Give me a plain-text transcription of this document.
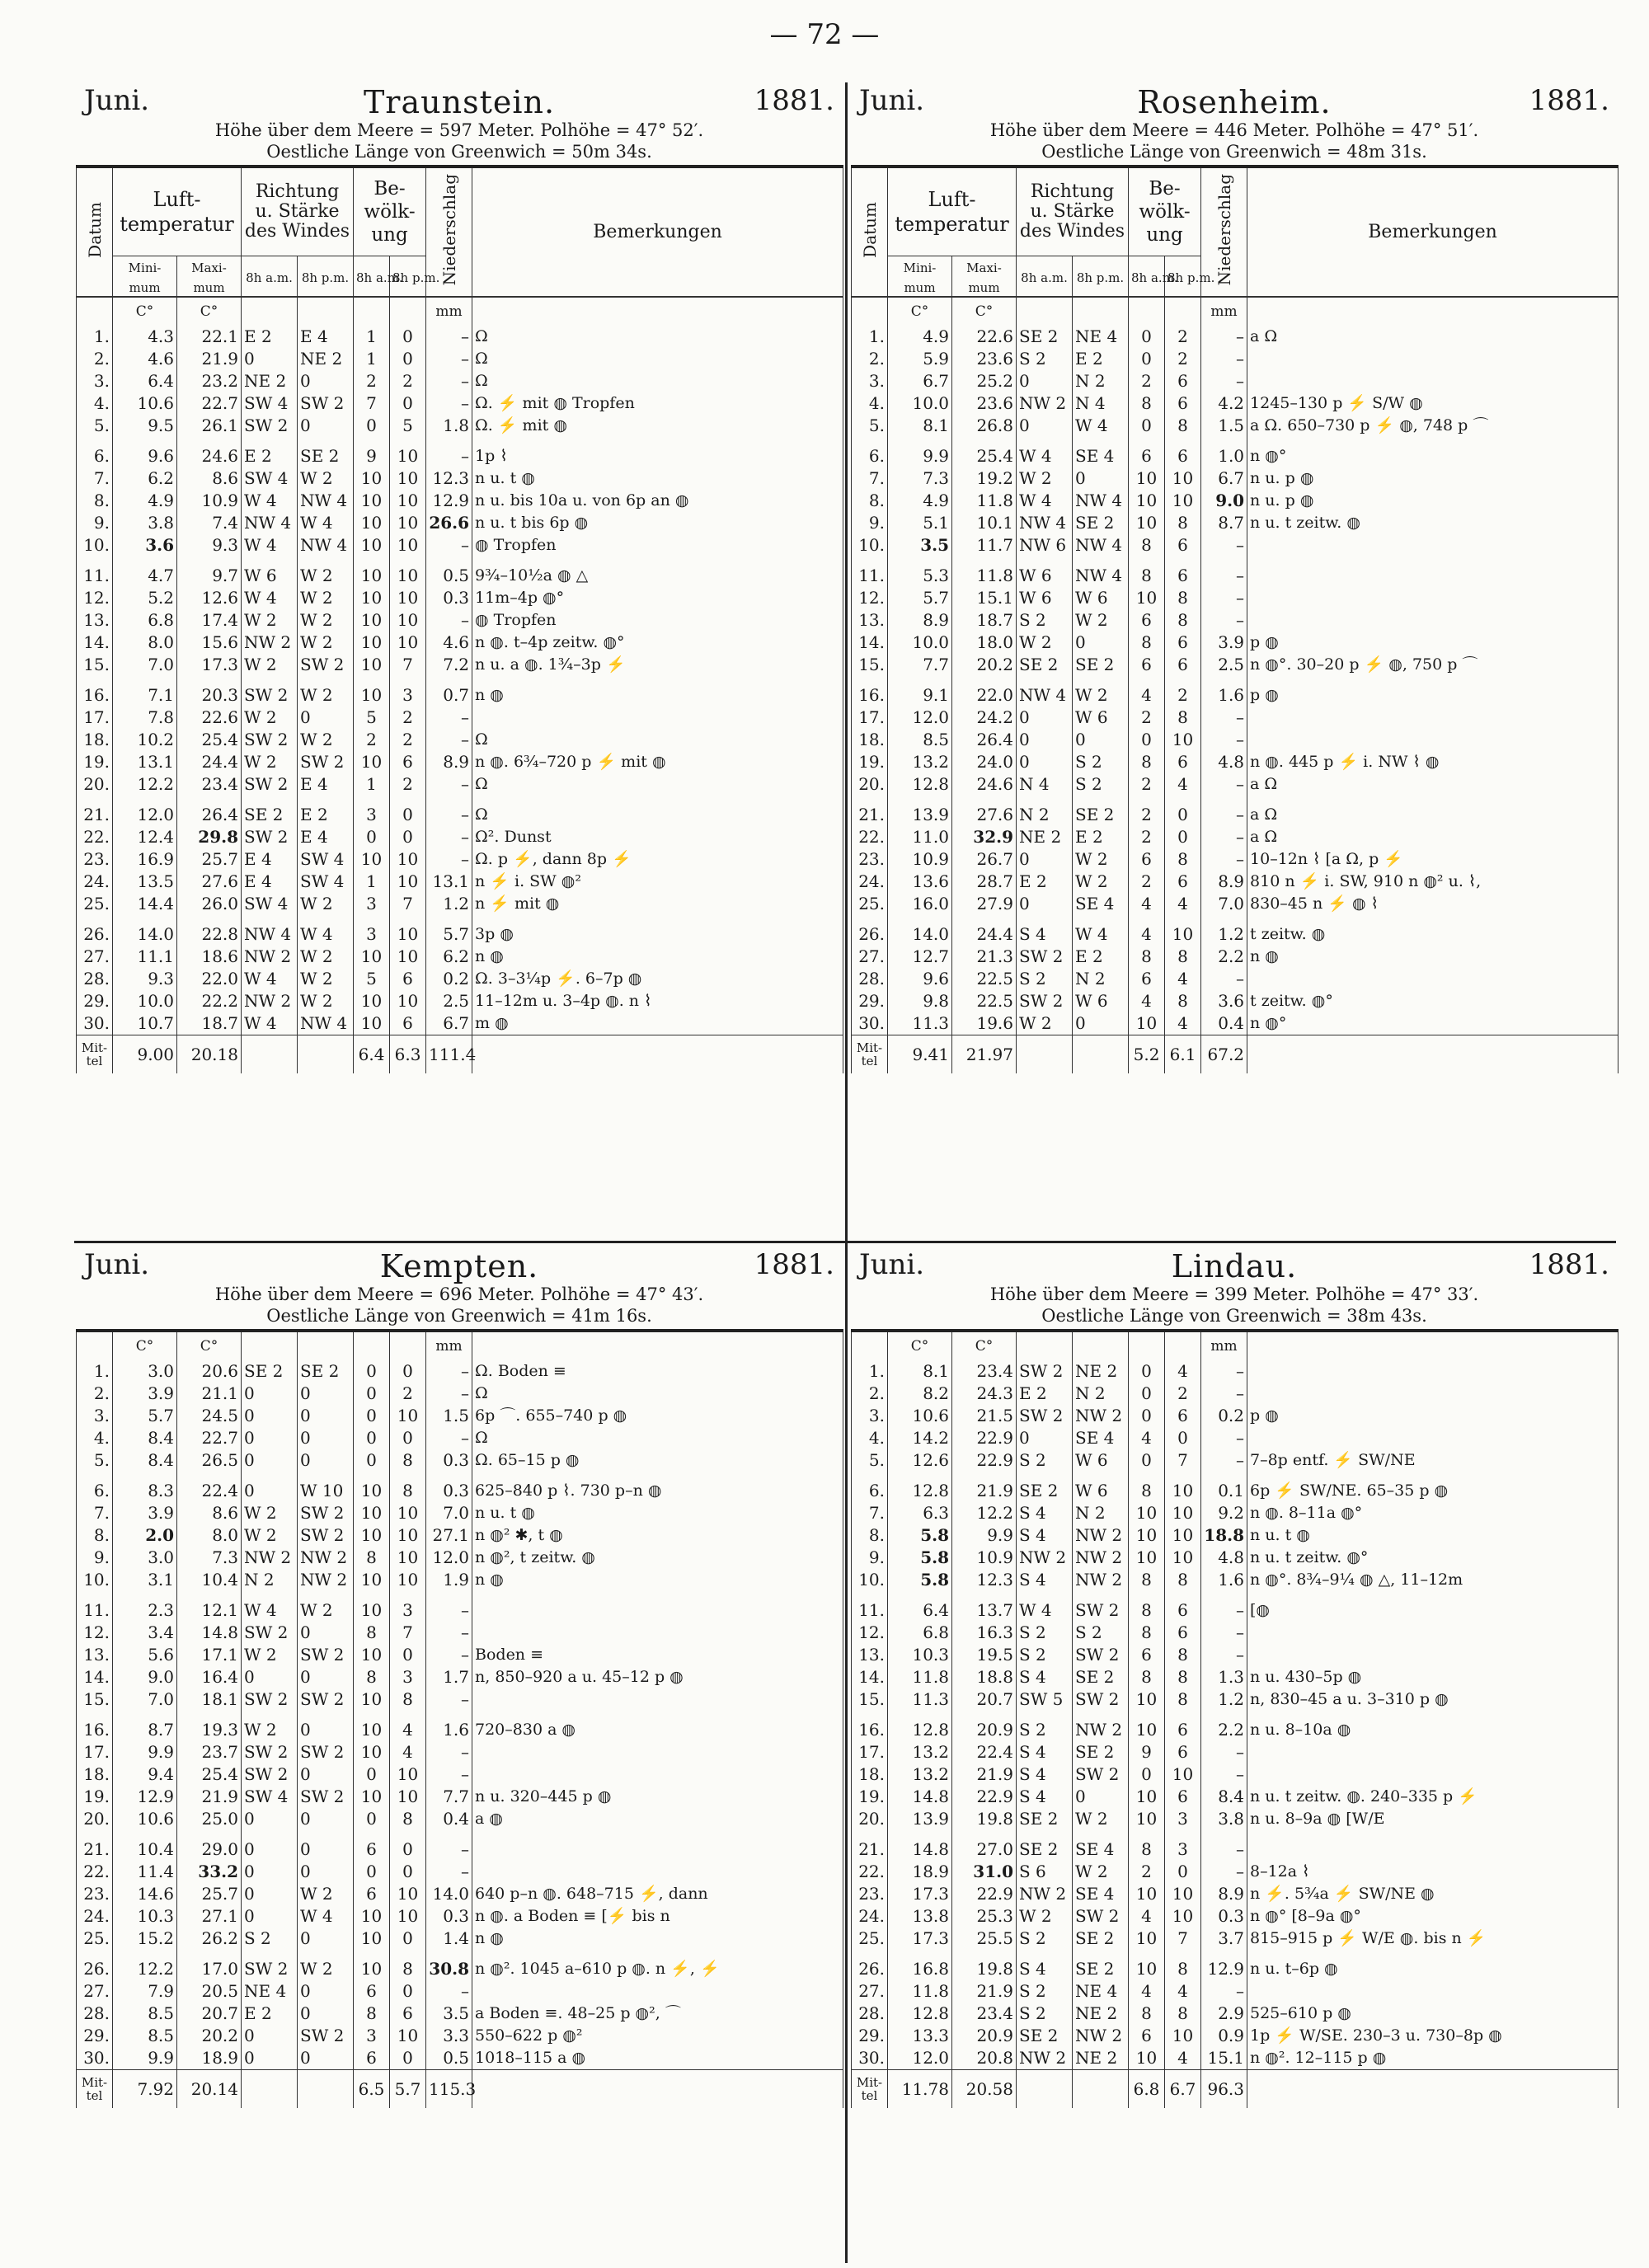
— 72 —
Juni.	Traunstein.	1881.
Höhe über dem Meere = 597 Meter. Polhöhe = 47° 52′.
Oestliche Länge von Greenwich = 50m 34s.
Datum	Luft-temperatur		Richtung u. Stärke des Windes		Be-wölk-ung		Niederschlag	Bemerkungen
	Mini-mum	Maxi-mum	8h a.m.	8h p.m.	8h a.m.	8h p.m.		
	C°	C°					mm	
1.	4.3	22.1	E 2	E 4	1	0	–	Ω
2.	4.6	21.9	0	NE 2	1	0	–	Ω
3.	6.4	23.2	NE 2	0	2	2	–	Ω
4.	10.6	22.7	SW 4	SW 2	7	0	–	Ω. ⚡ mit ◍ Tropfen
5.	9.5	26.1	SW 2	0	0	5	1.8	Ω. ⚡ mit ◍

6.	9.6	24.6	E 2	SE 2	9	10	–	1p ⌇
7.	6.2	8.6	SW 4	W 2	10	10	12.3	n u. t ◍
8.	4.9	10.9	W 4	NW 4	10	10	12.9	n u. bis 10a u. von 6p an ◍
9.	3.8	7.4	NW 4	W 4	10	10	26.6	n u. t bis 6p ◍
10.	3.6	9.3	W 4	NW 4	10	10	–	◍ Tropfen

11.	4.7	9.7	W 6	W 2	10	10	0.5	9¾–10½a ◍ △
12.	5.2	12.6	W 4	W 2	10	10	0.3	11m–4p ◍°
13.	6.8	17.4	W 2	W 2	10	10	–	◍ Tropfen
14.	8.0	15.6	NW 2	W 2	10	10	4.6	n ◍. t–4p zeitw. ◍°
15.	7.0	17.3	W 2	SW 2	10	7	7.2	n u. a ◍. 1¾–3p ⚡

16.	7.1	20.3	SW 2	W 2	10	3	0.7	n ◍
17.	7.8	22.6	W 2	0	5	2	–	
18.	10.2	25.4	SW 2	W 2	2	2	–	Ω
19.	13.1	24.4	W 2	SW 2	10	6	8.9	n ◍. 6¾–720 p ⚡ mit ◍
20.	12.2	23.4	SW 2	E 4	1	2	–	Ω

21.	12.0	26.4	SE 2	E 2	3	0	–	Ω
22.	12.4	29.8	SW 2	E 4	0	0	–	Ω². Dunst
23.	16.9	25.7	E 4	SW 4	10	10	–	Ω. p ⚡, dann 8p ⚡
24.	13.5	27.6	E 4	SW 4	1	10	13.1	n ⚡ i. SW ◍²
25.	14.4	26.0	SW 4	W 2	3	7	1.2	n ⚡ mit ◍

26.	14.0	22.8	NW 4	W 4	3	10	5.7	3p ◍
27.	11.1	18.6	NW 2	W 2	10	10	6.2	n ◍
28.	9.3	22.0	W 4	W 2	5	6	0.2	Ω. 3–3¼p ⚡. 6–7p ◍
29.	10.0	22.2	NW 2	W 2	10	10	2.5	11–12m u. 3–4p ◍. n ⌇
30.	10.7	18.7	W 4	NW 4	10	6	6.7	m ◍
Mit-tel	9.00	20.18			6.4	6.3	111.4	
Juni.	Rosenheim.	1881.
Höhe über dem Meere = 446 Meter. Polhöhe = 47° 51′.
Oestliche Länge von Greenwich = 48m 31s.
Datum	Luft-temperatur		Richtung u. Stärke des Windes		Be-wölk-ung		Niederschlag	Bemerkungen
	Mini-mum	Maxi-mum	8h a.m.	8h p.m.	8h a.m.	8h p.m.		
	C°	C°					mm	
1.	4.9	22.6	SE 2	NE 4	0	2	–	a Ω
2.	5.9	23.6	S 2	E 2	0	2	–	
3.	6.7	25.2	0	N 2	2	6	–	
4.	10.0	23.6	NW 2	N 4	8	6	4.2	1245–130 p ⚡ S/W ◍
5.	8.1	26.8	0	W 4	0	8	1.5	a Ω. 650–730 p ⚡ ◍, 748 p ⌒

6.	9.9	25.4	W 4	SE 4	6	6	1.0	n ◍°
7.	7.3	19.2	W 2	0	10	10	6.7	n u. p ◍
8.	4.9	11.8	W 4	NW 4	10	10	9.0	n u. p ◍
9.	5.1	10.1	NW 4	SE 2	10	8	8.7	n u. t zeitw. ◍
10.	3.5	11.7	NW 6	NW 4	8	6	–	

11.	5.3	11.8	W 6	NW 4	8	6	–	
12.	5.7	15.1	W 6	W 6	10	8	–	
13.	8.9	18.7	S 2	W 2	6	8	–	
14.	10.0	18.0	W 2	0	8	6	3.9	p ◍
15.	7.7	20.2	SE 2	SE 2	6	6	2.5	n ◍°. 30–20 p ⚡ ◍, 750 p ⌒

16.	9.1	22.0	NW 4	W 2	4	2	1.6	p ◍
17.	12.0	24.2	0	W 6	2	8	–	
18.	8.5	26.4	0	0	0	10	–	
19.	13.2	24.0	0	S 2	8	6	4.8	n ◍. 445 p ⚡ i. NW ⌇ ◍
20.	12.8	24.6	N 4	S 2	2	4	–	a Ω

21.	13.9	27.6	N 2	SE 2	2	0	–	a Ω
22.	11.0	32.9	NE 2	E 2	2	0	–	a Ω
23.	10.9	26.7	0	W 2	6	8	–	10–12n ⌇ [a Ω, p ⚡
24.	13.6	28.7	E 2	W 2	2	6	8.9	810 n ⚡ i. SW, 910 n ◍² u. ⌇,
25.	16.0	27.9	0	SE 4	4	4	7.0	830–45 n ⚡ ◍ ⌇

26.	14.0	24.4	S 4	W 4	4	10	1.2	t zeitw. ◍
27.	12.7	21.3	SW 2	E 2	8	8	2.2	n ◍
28.	9.6	22.5	S 2	N 2	6	4	–	
29.	9.8	22.5	SW 2	W 6	4	8	3.6	t zeitw. ◍°
30.	11.3	19.6	W 2	0	10	4	0.4	n ◍°
Mit-tel	9.41	21.97			5.2	6.1	67.2	
Juni.	Kempten.	1881.
Höhe über dem Meere = 696 Meter. Polhöhe = 47° 43′.
Oestliche Länge von Greenwich = 41m 16s.
	C°	C°					mm	
1.	3.0	20.6	SE 2	SE 2	0	0	–	Ω. Boden ≡
2.	3.9	21.1	0	0	0	2	–	Ω
3.	5.7	24.5	0	0	0	10	1.5	6p ⌒. 655–740 p ◍
4.	8.4	22.7	0	0	0	0	–	Ω
5.	8.4	26.5	0	0	0	8	0.3	Ω. 65–15 p ◍

6.	8.3	22.4	0	W 10	10	8	0.3	625–840 p ⌇. 730 p–n ◍
7.	3.9	8.6	W 2	SW 2	10	10	7.0	n u. t ◍
8.	2.0	8.0	W 2	SW 2	10	10	27.1	n ◍² ✱, t ◍
9.	3.0	7.3	NW 2	NW 2	8	10	12.0	n ◍², t zeitw. ◍
10.	3.1	10.4	N 2	NW 2	10	10	1.9	n ◍

11.	2.3	12.1	W 4	W 2	10	3	–	
12.	3.4	14.8	SW 2	0	8	7	–	
13.	5.6	17.1	W 2	SW 2	10	0	–	Boden ≡
14.	9.0	16.4	0	0	8	3	1.7	n, 850–920 a u. 45–12 p ◍
15.	7.0	18.1	SW 2	SW 2	10	8	–	

16.	8.7	19.3	W 2	0	10	4	1.6	720–830 a ◍
17.	9.9	23.7	SW 2	SW 2	10	4	–	
18.	9.4	25.4	SW 2	0	0	10	–	
19.	12.9	21.9	SW 4	SW 2	10	10	7.7	n u. 320–445 p ◍
20.	10.6	25.0	0	0	0	8	0.4	a ◍

21.	10.4	29.0	0	0	6	0	–	
22.	11.4	33.2	0	0	0	0	–	
23.	14.6	25.7	0	W 2	6	10	14.0	640 p–n ◍. 648–715 ⚡, dann
24.	10.3	27.1	0	W 4	10	10	0.3	n ◍. a Boden ≡ [⚡ bis n
25.	15.2	26.2	S 2	0	10	0	1.4	n ◍

26.	12.2	17.0	SW 2	W 2	10	8	30.8	n ◍². 1045 a–610 p ◍. n ⚡, ⚡
27.	7.9	20.5	NE 4	0	6	0	–	
28.	8.5	20.7	E 2	0	8	6	3.5	a Boden ≡. 48–25 p ◍², ⌒
29.	8.5	20.2	0	SW 2	3	10	3.3	550–622 p ◍²
30.	9.9	18.9	0	0	6	0	0.5	1018–115 a ◍
Mit-tel	7.92	20.14			6.5	5.7	115.3	
Juni.	Lindau.	1881.
Höhe über dem Meere = 399 Meter. Polhöhe = 47° 33′.
Oestliche Länge von Greenwich = 38m 43s.
	C°	C°					mm	
1.	8.1	23.4	SW 2	NE 2	0	4	–	
2.	8.2	24.3	E 2	N 2	0	2	–	
3.	10.6	21.5	SW 2	NW 2	0	6	0.2	p ◍
4.	14.2	22.9	0	SE 4	4	0	–	
5.	12.6	22.9	S 2	W 6	0	7	–	7–8p entf. ⚡ SW/NE

6.	12.8	21.9	SE 2	W 6	8	10	0.1	6p ⚡ SW/NE. 65–35 p ◍
7.	6.3	12.2	S 4	N 2	10	10	9.2	n ◍. 8–11a ◍°
8.	5.8	9.9	S 4	NW 2	10	10	18.8	n u. t ◍
9.	5.8	10.9	NW 2	NW 2	10	10	4.8	n u. t zeitw. ◍°
10.	5.8	12.3	S 4	NW 2	8	8	1.6	n ◍°. 8¾–9¼ ◍ △, 11–12m

11.	6.4	13.7	W 4	SW 2	8	6	–	[◍
12.	6.8	16.3	S 2	S 2	8	6	–	
13.	10.3	19.5	S 2	SW 2	6	8	–	
14.	11.8	18.8	S 4	SE 2	8	8	1.3	n u. 430–5p ◍
15.	11.3	20.7	SW 5	SW 2	10	8	1.2	n, 830–45 a u. 3–310 p ◍

16.	12.8	20.9	S 2	NW 2	10	6	2.2	n u. 8–10a ◍
17.	13.2	22.4	S 4	SE 2	9	6	–	
18.	13.2	21.9	S 4	SW 2	0	10	–	
19.	14.8	22.9	S 4	0	10	6	8.4	n u. t zeitw. ◍. 240–335 p ⚡
20.	13.9	19.8	SE 2	W 2	10	3	3.8	n u. 8–9a ◍ [W/E

21.	14.8	27.0	SE 2	SE 4	8	3	–	
22.	18.9	31.0	S 6	W 2	2	0	–	8–12a ⌇
23.	17.3	22.9	NW 2	SE 4	10	10	8.9	n ⚡. 5¾a ⚡ SW/NE ◍
24.	13.8	25.3	W 2	SW 2	4	10	0.3	n ◍° [8–9a ◍°
25.	17.3	25.5	S 2	SE 2	10	7	3.7	815–915 p ⚡ W/E ◍. bis n ⚡

26.	16.8	19.8	S 4	SE 2	10	8	12.9	n u. t–6p ◍
27.	11.8	21.9	S 2	NE 4	4	4	–	
28.	12.8	23.4	S 2	NE 2	8	8	2.9	525–610 p ◍
29.	13.3	20.9	SE 2	NW 2	6	10	0.9	1p ⚡ W/SE. 230–3 u. 730–8p ◍
30.	12.0	20.8	NW 2	NE 2	10	4	15.1	n ◍². 12–115 p ◍
Mit-tel	11.78	20.58			6.8	6.7	96.3	
